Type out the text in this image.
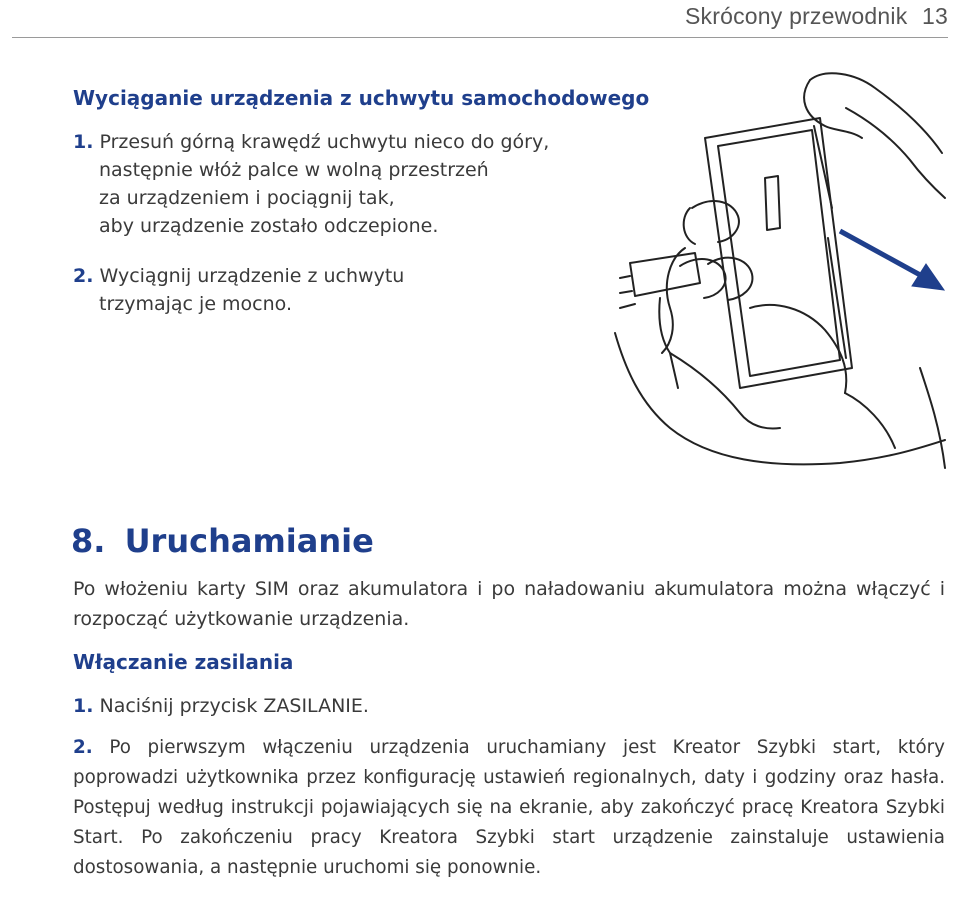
Skrócony przewodnik 13
Wyciąganie urządzenia z uchwytu samochodowego
1. Przesuń górną krawędź uchwytu nieco do góry,
następnie włóż palce w wolną przestrzeń
za urządzeniem i pociągnij tak,
aby urządzenie zostało odczepione.
2. Wyciągnij urządzenie z uchwytu
trzymając je mocno.
8. Uruchamianie
Po włożeniu karty SIM oraz akumulatora i po naładowaniu akumulatora można włączyć i rozpocząć użytkowanie urządzenia.
Włączanie zasilania
1. Naciśnij przycisk ZASILANIE.
2. Po pierwszym włączeniu urządzenia uruchamiany jest Kreator Szybki start, który poprowadzi użytkownika przez konfigurację ustawień regionalnych, daty i godziny oraz hasła. Postępuj według instrukcji pojawiających się na ekranie, aby zakończyć pracę Kreatora Szybki Start. Po zakończeniu pracy Kreatora Szybki start urządzenie zainstaluje ustawienia dostosowania, a następnie uruchomi się ponownie.
